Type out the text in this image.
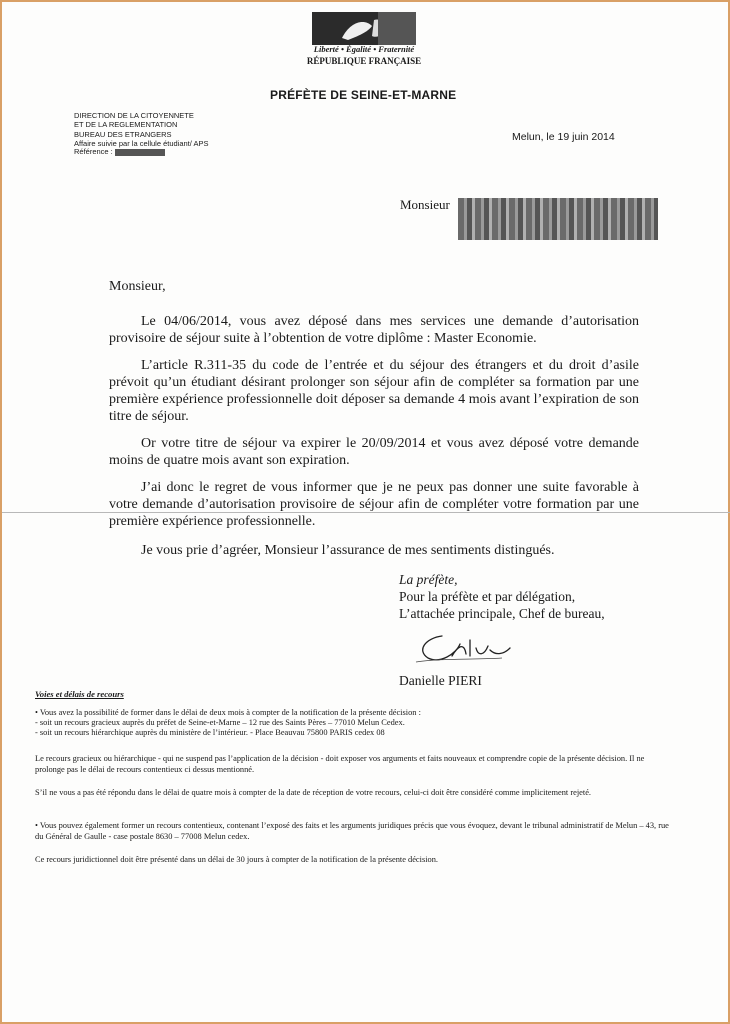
Liberté • Égalité • Fraternité
RÉPUBLIQUE FRANÇAISE
PRÉFÈTE DE SEINE-ET-MARNE
DIRECTION DE LA CITOYENNETE
ET DE LA REGLEMENTATION
BUREAU DES ETRANGERS
Affaire suivie par la cellule étudiant/ APS
Référence :
Melun, le 19 juin 2014
Monsieur
Monsieur,
Le 04/06/2014, vous avez déposé dans mes services une demande d’autorisation provisoire de séjour suite à l’obtention de votre diplôme : Master Economie.
L’article R.311-35 du code de l’entrée et du séjour des étrangers et du droit d’asile prévoit qu’un étudiant désirant prolonger son séjour afin de compléter sa formation par une première expérience professionnelle doit déposer sa demande 4 mois avant l’expiration de son titre de séjour.
Or votre titre de séjour va expirer le 20/09/2014 et vous avez déposé votre demande moins de quatre mois avant son expiration.
J’ai donc le regret de vous informer que je ne peux pas donner une suite favorable à votre demande d’autorisation provisoire de séjour afin de compléter votre formation par une première expérience professionnelle.
Je vous prie d’agréer, Monsieur l’assurance de mes sentiments distingués.
La préfète,
Pour la préfète et par délégation,
L’attachée principale, Chef de bureau,
Danielle PIERI
Voies et délais de recours
• Vous avez la possibilité de former dans le délai de deux mois à compter de la notification de la présente décision :
- soit un recours gracieux auprès du préfet de Seine-et-Marne – 12 rue des Saints Pères – 77010 Melun Cedex.
- soit un recours hiérarchique auprès du ministère de l’intérieur. - Place Beauvau 75800 PARIS cedex 08
Le recours gracieux ou hiérarchique - qui ne suspend pas l’application de la décision - doit exposer vos arguments et faits nouveaux et comprendre copie de la présente décision. Il ne prolonge pas le délai de recours contentieux ci dessus mentionné.
S’il ne vous a pas été répondu dans le délai de quatre mois à compter de la date de réception de votre recours, celui-ci doit être considéré comme implicitement rejeté.
• Vous pouvez également former un recours contentieux, contenant l’exposé des faits et les arguments juridiques précis que vous évoquez, devant le tribunal administratif de Melun – 43, rue du Général de Gaulle - case postale 8630 – 77008 Melun cedex.
Ce recours juridictionnel doit être présenté dans un délai de 30 jours à compter de la notification de la présente décision.
